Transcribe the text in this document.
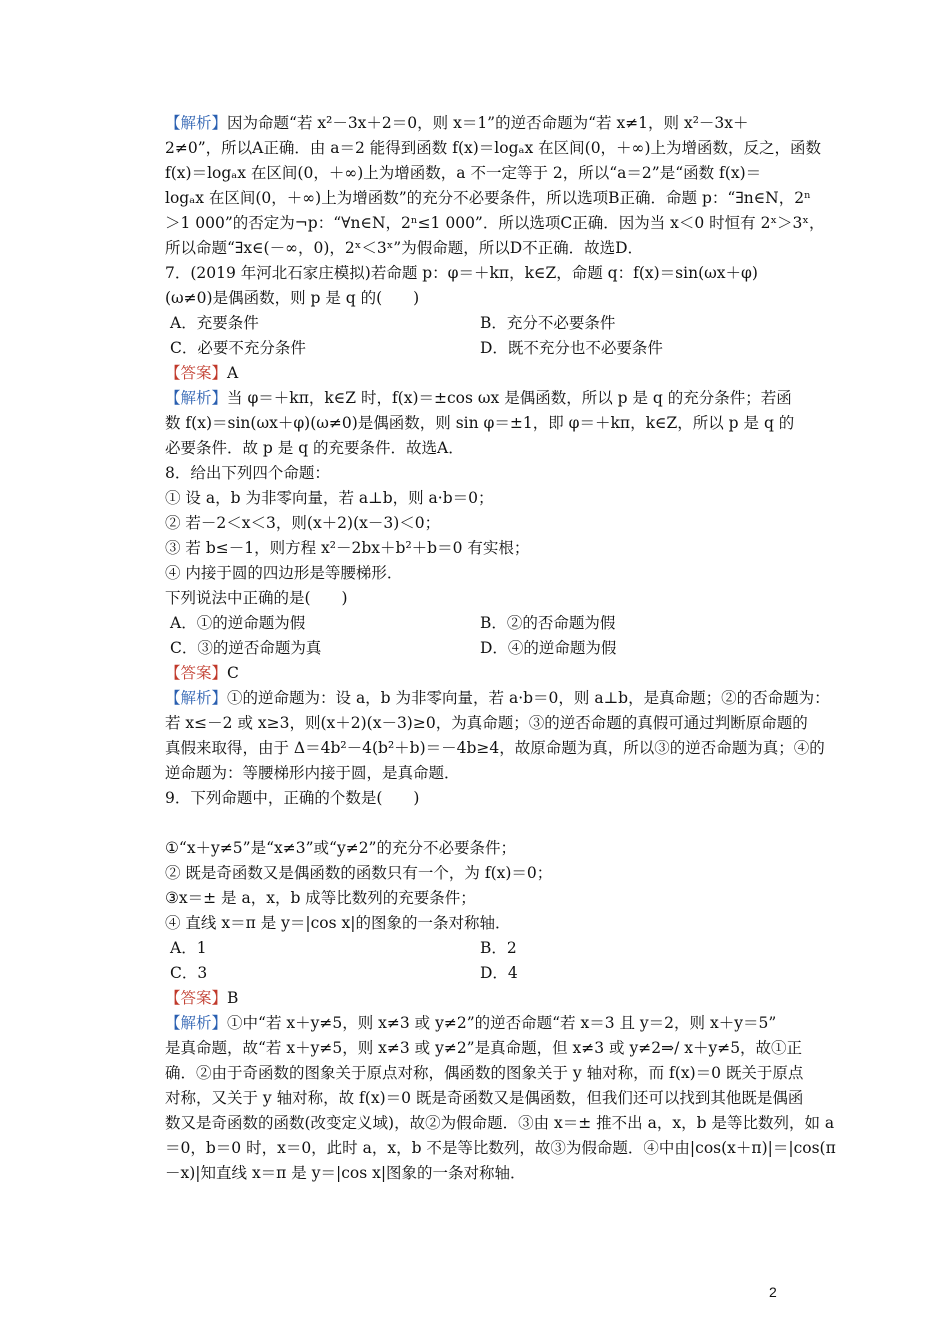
【解析】因为命题“若 x²－3x＋2＝0，则 x＝1”的逆否命题为“若 x≠1，则 x²－3x＋
2≠0”，所以A正确．由 a＝2 能得到函数 f(x)＝logₐx 在区间(0，＋∞)上为增函数，反之，函数
f(x)＝logₐx 在区间(0，＋∞)上为增函数，a 不一定等于 2，所以“a＝2”是“函数 f(x)＝
logₐx 在区间(0，＋∞)上为增函数”的充分不必要条件，所以选项B正确．命题 p：“∃n∈N，2ⁿ
＞1 000”的否定为¬p：“∀n∈N，2ⁿ≤1 000”．所以选项C正确．因为当 x＜0 时恒有 2ˣ＞3ˣ，
所以命题“∃x∈(－∞，0)，2ˣ＜3ˣ”为假命题，所以D不正确．故选D．
7．(2019 年河北石家庄模拟)若命题 p：φ＝＋kπ，k∈Z，命题 q：f(x)＝sin(ωx＋φ)
(ω≠0)是偶函数，则 p 是 q 的(　　)
【答案】A
【解析】当 φ＝＋kπ，k∈Z 时，f(x)＝±cos ωx 是偶函数，所以 p 是 q 的充分条件；若函
数 f(x)＝sin(ωx＋φ)(ω≠0)是偶函数，则 sin φ＝±1，即 φ＝＋kπ，k∈Z，所以 p 是 q 的
必要条件．故 p 是 q 的充要条件．故选A．
8．给出下列四个命题：
① 设 a，b 为非零向量，若 a⊥b，则 a·b＝0；
② 若－2＜x＜3，则(x＋2)(x－3)＜0；
③ 若 b≤－1，则方程 x²－2bx＋b²＋b＝0 有实根；
④ 内接于圆的四边形是等腰梯形．
下列说法中正确的是(　　)
【答案】C
【解析】①的逆命题为：设 a，b 为非零向量，若 a·b＝0，则 a⊥b，是真命题；②的否命题为：
若 x≤－2 或 x≥3，则(x＋2)(x－3)≥0，为真命题；③的逆否命题的真假可通过判断原命题的
真假来取得，由于 Δ＝4b²－4(b²＋b)＝－4b≥4，故原命题为真，所以③的逆否命题为真；④的
逆命题为：等腰梯形内接于圆，是真命题．
9．下列命题中，正确的个数是(　　)
①“x＋y≠5”是“x≠3”或“y≠2”的充分不必要条件；
② 既是奇函数又是偶函数的函数只有一个，为 f(x)＝0；
③x＝± 是 a，x，b 成等比数列的充要条件；
④ 直线 x＝π 是 y＝|cos x|的图象的一条对称轴．
【答案】B
【解析】①中“若 x＋y≠5，则 x≠3 或 y≠2”的逆否命题“若 x＝3 且 y＝2，则 x＋y＝5”
是真命题，故“若 x＋y≠5，则 x≠3 或 y≠2”是真命题，但 x≠3 或 y≠2⇒/ x＋y≠5，故①正
确．②由于奇函数的图象关于原点对称，偶函数的图象关于 y 轴对称，而 f(x)＝0 既关于原点
对称，又关于 y 轴对称，故 f(x)＝0 既是奇函数又是偶函数，但我们还可以找到其他既是偶函
数又是奇函数的函数(改变定义域)，故②为假命题．③由 x＝± 推不出 a，x，b 是等比数列，如 a
＝0，b＝0 时，x＝0，此时 a，x，b 不是等比数列，故③为假命题．④中由|cos(x＋π)|＝|cos(π
－x)|知直线 x＝π 是 y＝|cos x|图象的一条对称轴．
A．充要条件	B．充分不必要条件
C．必要不充分条件	D．既不充分也不必要条件
A．①的逆命题为假	B．②的否命题为假
C．③的逆否命题为真	D．④的逆命题为假
A．1	B．2
C．3	D．4
2
